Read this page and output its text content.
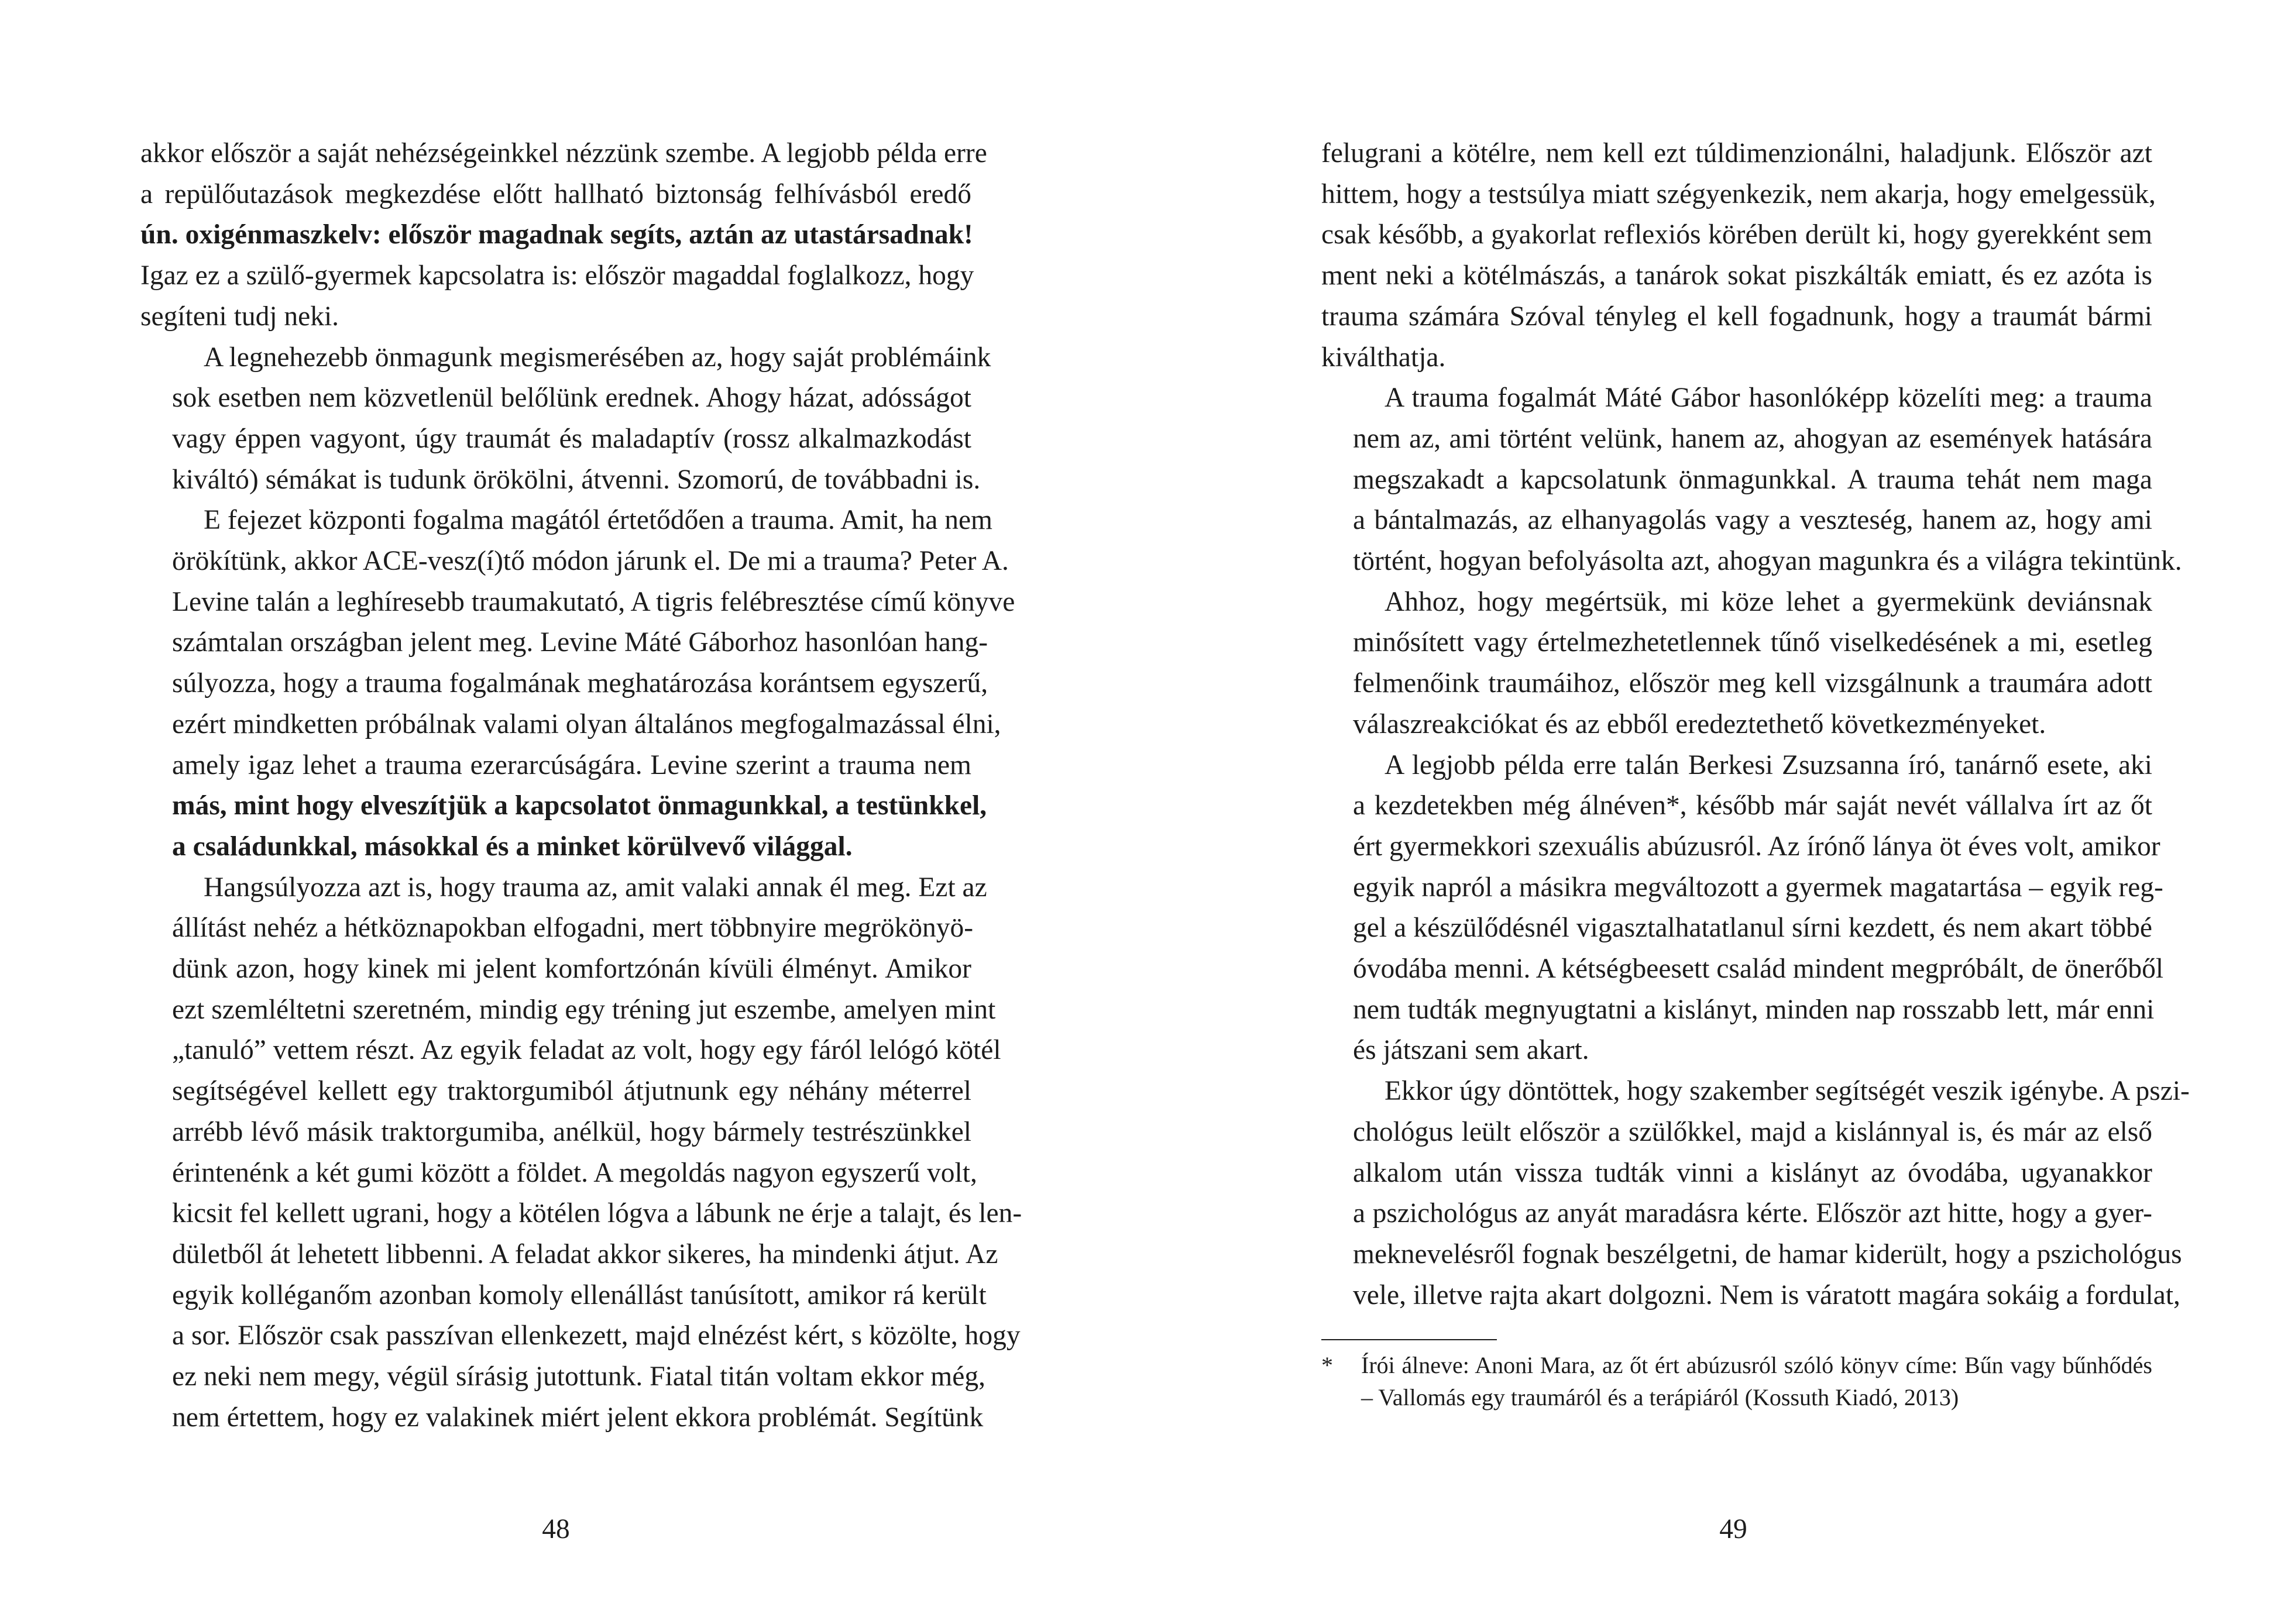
akkor először a saját nehézségeinkkel nézzünk szembe. A legjobb példa erre
a repülőutazások megkezdése előtt hallható biztonság felhívásból eredő
ún. oxigénmaszkelv: először magadnak segíts, aztán az utastársadnak!
Igaz ez a szülő-gyermek kapcsolatra is: először magaddal foglalkozz, hogy
segíteni tudj neki.

A legnehezebb önmagunk megismerésében az, hogy saját problémáink
sok esetben nem közvetlenül belőlünk erednek. Ahogy házat, adósságot
vagy éppen vagyont, úgy traumát és maladaptív (rossz alkalmazkodást
kiváltó) sémákat is tudunk örökölni, átvenni. Szomorú, de továbbadni is.

E fejezet központi fogalma magától értetődően a trauma. Amit, ha nem
örökítünk, akkor ACE-vesz(í)tő módon járunk el. De mi a trauma? Peter A.
Levine talán a leghíresebb traumakutató, A tigris felébresztése című könyve
számtalan országban jelent meg. Levine Máté Gáborhoz hasonlóan hang-
súlyozza, hogy a trauma fogalmának meghatározása korántsem egyszerű,
ezért mindketten próbálnak valami olyan általános megfogalmazással élni,
amely igaz lehet a trauma ezerarcúságára. Levine szerint a trauma nem
más, mint hogy elveszítjük a kapcsolatot önmagunkkal, a testünkkel,
a családunkkal, másokkal és a minket körülvevő világgal.

Hangsúlyozza azt is, hogy trauma az, amit valaki annak él meg. Ezt az
állítást nehéz a hétköznapokban elfogadni, mert többnyire megrökönyö-
dünk azon, hogy kinek mi jelent komfortzónán kívüli élményt. Amikor
ezt szemléltetni szeretném, mindig egy tréning jut eszembe, amelyen mint
„tanuló” vettem részt. Az egyik feladat az volt, hogy egy fáról lelógó kötél
segítségével kellett egy traktorgumiból átjutnunk egy néhány méterrel
arrébb lévő másik traktorgumiba, anélkül, hogy bármely testrészünkkel
érintenénk a két gumi között a földet. A megoldás nagyon egyszerű volt,
kicsit fel kellett ugrani, hogy a kötélen lógva a lábunk ne érje a talajt, és len-
dületből át lehetett libbenni. A feladat akkor sikeres, ha mindenki átjut. Az
egyik kolléganőm azonban komoly ellenállást tanúsított, amikor rá került
a sor. Először csak passzívan ellenkezett, majd elnézést kért, s közölte, hogy
ez neki nem megy, végül sírásig jutottunk. Fiatal titán voltam ekkor még,
nem értettem, hogy ez valakinek miért jelent ekkora problémát. Segítünk

48

felugrani a kötélre, nem kell ezt túldimenzionálni, haladjunk. Először azt
hittem, hogy a testsúlya miatt szégyenkezik, nem akarja, hogy emelgessük,
csak később, a gyakorlat reflexiós körében derült ki, hogy gyerekként sem
ment neki a kötélmászás, a tanárok sokat piszkálták emiatt, és ez azóta is
trauma számára Szóval tényleg el kell fogadnunk, hogy a traumát bármi
kiválthatja.

A trauma fogalmát Máté Gábor hasonlóképp közelíti meg: a trauma
nem az, ami történt velünk, hanem az, ahogyan az események hatására
megszakadt a kapcsolatunk önmagunkkal. A trauma tehát nem maga
a bántalmazás, az elhanyagolás vagy a veszteség, hanem az, hogy ami
történt, hogyan befolyásolta azt, ahogyan magunkra és a világra tekintünk.

Ahhoz, hogy megértsük, mi köze lehet a gyermekünk deviánsnak
minősített vagy értelmezhetetlennek tűnő viselkedésének a mi, esetleg
felmenőink traumáihoz, először meg kell vizsgálnunk a traumára adott
válaszreakciókat és az ebből eredeztethető következményeket.

A legjobb példa erre talán Berkesi Zsuzsanna író, tanárnő esete, aki
a kezdetekben még álnéven*, később már saját nevét vállalva írt az őt
ért gyermekkori szexuális abúzusról. Az írónő lánya öt éves volt, amikor
egyik napról a másikra megváltozott a gyermek magatartása – egyik reg-
gel a készülődésnél vigasztalhatatlanul sírni kezdett, és nem akart többé
óvodába menni. A kétségbeesett család mindent megpróbált, de önerőből
nem tudták megnyugtatni a kislányt, minden nap rosszabb lett, már enni
és játszani sem akart.

Ekkor úgy döntöttek, hogy szakember segítségét veszik igénybe. A pszi-
chológus leült először a szülőkkel, majd a kislánnyal is, és már az első
alkalom után vissza tudták vinni a kislányt az óvodába, ugyanakkor
a pszichológus az anyát maradásra kérte. Először azt hitte, hogy a gyer-
meknevelésről fognak beszélgetni, de hamar kiderült, hogy a pszichológus
vele, illetve rajta akart dolgozni. Nem is váratott magára sokáig a fordulat,

* Írói álneve: Anoni Mara, az őt ért abúzusról szóló könyv címe: Bűn vagy bűnhődés
– Vallomás egy traumáról és a terápiáról (Kossuth Kiadó, 2013)
49
